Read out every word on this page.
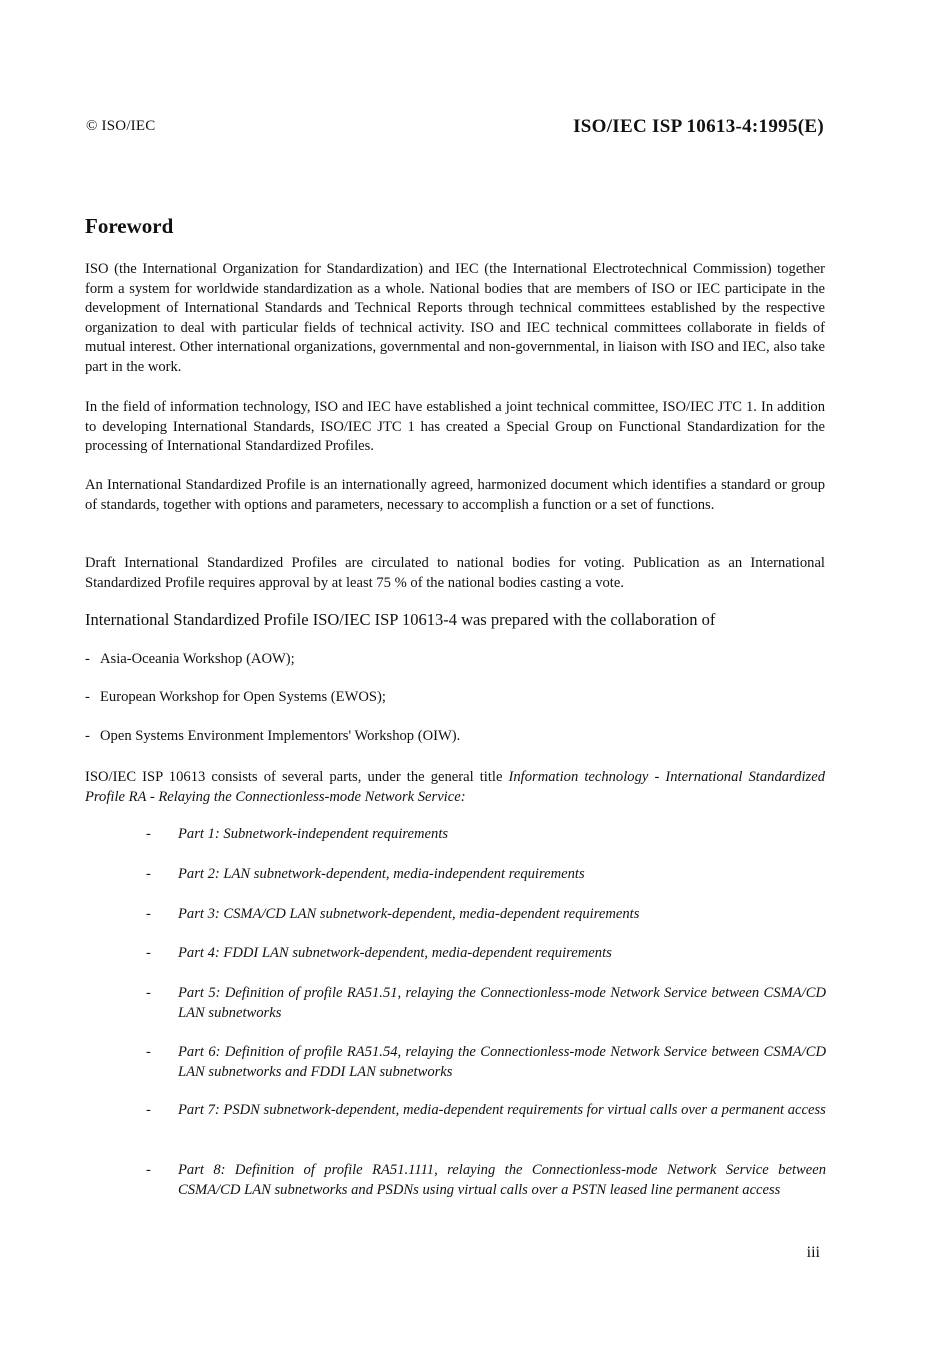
© ISO/IEC	ISO/IEC ISP 10613-4:1995(E)
Foreword

ISO (the International Organization for Standardization) and IEC (the International Electrotechnical Commission) together form a system for worldwide standardization as a whole. National bodies that are members of ISO or IEC participate in the development of International Standards and Technical Reports through technical committees established by the respective organization to deal with particular fields of technical activity. ISO and IEC technical committees collaborate in fields of mutual interest. Other international organizations, governmental and non-governmental, in liaison with ISO and IEC, also take part in the work.

In the field of information technology, ISO and IEC have established a joint technical committee, ISO/IEC JTC 1. In addition to developing International Standards, ISO/IEC JTC 1 has created a Special Group on Functional Standardization for the processing of International Standardized Profiles.

An International Standardized Profile is an internationally agreed, harmonized document which identifies a standard or group of standards, together with options and parameters, necessary to accomplish a function or a set of functions.

Draft International Standardized Profiles are circulated to national bodies for voting. Publication as an International Standardized Profile requires approval by at least 75 % of the national bodies casting a vote.

International Standardized Profile ISO/IEC ISP 10613-4 was prepared with the collaboration of

- Asia-Oceania Workshop (AOW);
- European Workshop for Open Systems (EWOS);
- Open Systems Environment Implementors' Workshop (OIW).

ISO/IEC ISP 10613 consists of several parts, under the general title Information technology - International Standardized Profile RA - Relaying the Connectionless-mode Network Service:

- Part 1: Subnetwork-independent requirements
- Part 2: LAN subnetwork-dependent, media-independent requirements
- Part 3: CSMA/CD LAN subnetwork-dependent, media-dependent requirements
- Part 4: FDDI LAN subnetwork-dependent, media-dependent requirements
- Part 5: Definition of profile RA51.51, relaying the Connectionless-mode Network Service between CSMA/CD LAN subnetworks
- Part 6: Definition of profile RA51.54, relaying the Connectionless-mode Network Service between CSMA/CD LAN subnetworks and FDDI LAN subnetworks
- Part 7: PSDN subnetwork-dependent, media-dependent requirements for virtual calls over a permanent access
- Part 8: Definition of profile RA51.1111, relaying the Connectionless-mode Network Service between CSMA/CD LAN subnetworks and PSDNs using virtual calls over a PSTN leased line permanent access
iii
